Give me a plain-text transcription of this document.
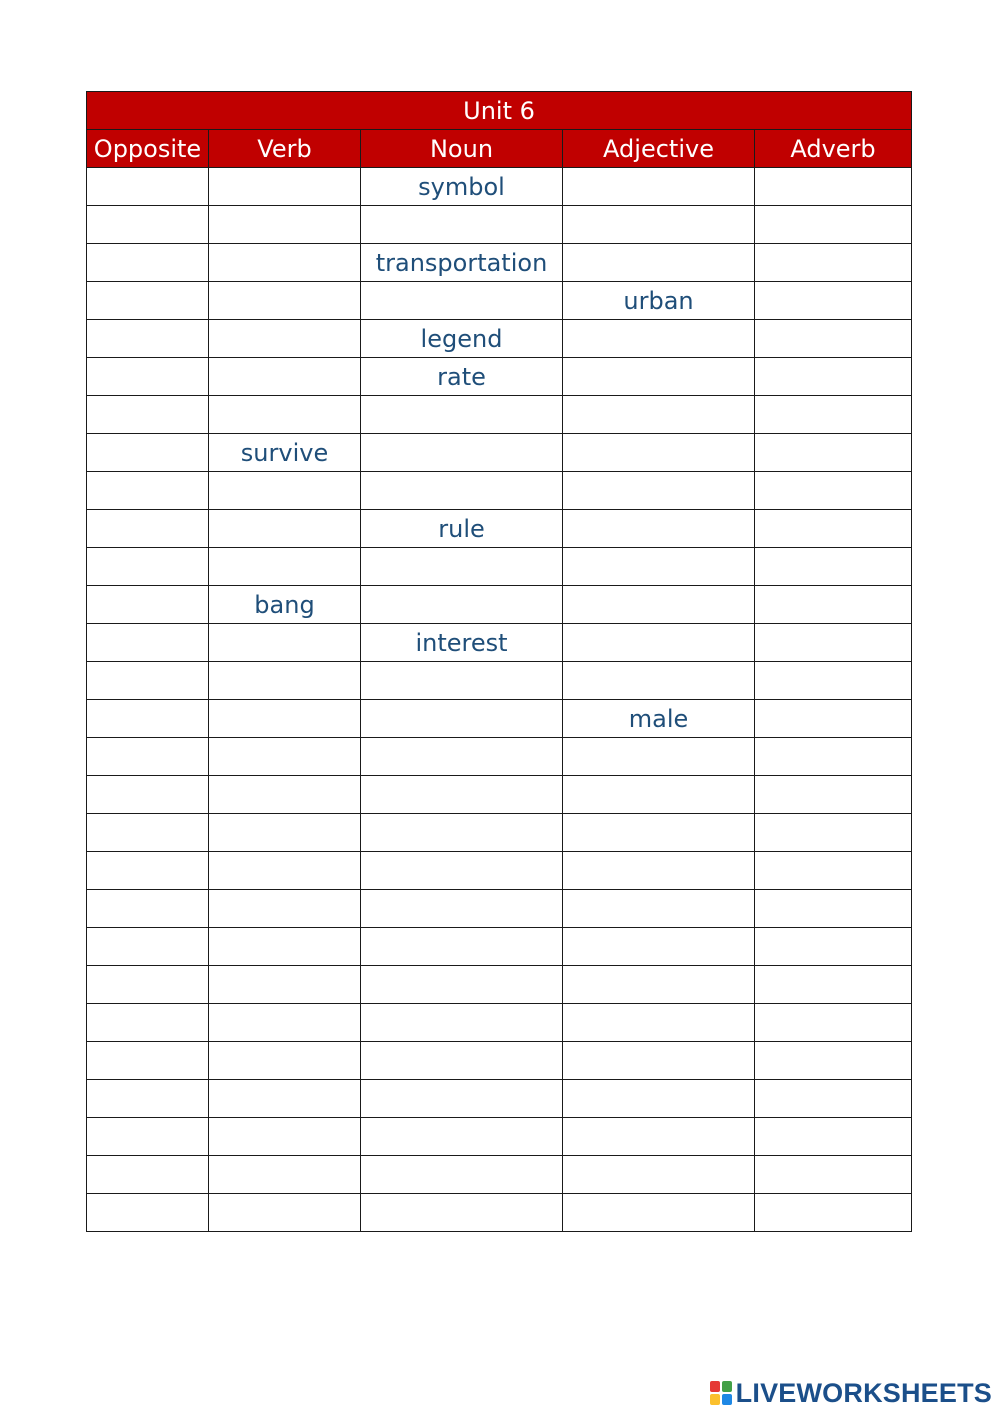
Unit 6				
Opposite	Verb	Noun	Adjective	Adverb
		symbol		

		transportation		
			urban	
		legend		
		rate		

	survive			

		rule		

	bang			
		interest		

			male	

LIVEWORKSHEETS
